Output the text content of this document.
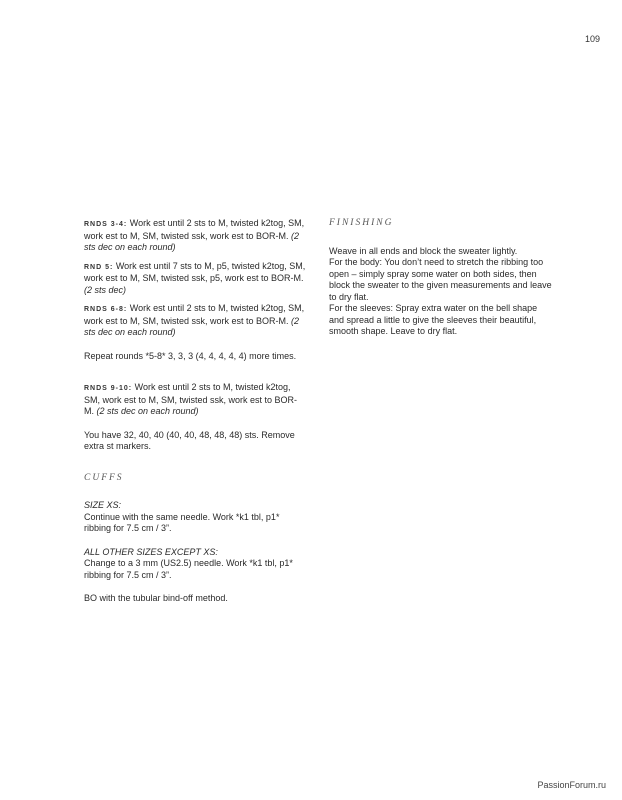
109

RNDS 3-4: Work est until 2 sts to M, twisted k2tog, SM, work est to M, SM, twisted ssk, work est to BOR-M. (2 sts dec on each round)

RND 5: Work est until 7 sts to M, p5, twisted k2tog, SM, work est to M, SM, twisted ssk, p5, work est to BOR-M. (2 sts dec)

RNDS 6-8: Work est until 2 sts to M, twisted k2tog, SM, work est to M, SM, twisted ssk, work est to BOR-M. (2 sts dec on each round)

Repeat rounds *5-8* 3, 3, 3 (4, 4, 4, 4, 4) more times.

RNDS 9-10: Work est until 2 sts to M, twisted k2tog, SM, work est to M, SM, twisted ssk, work est to BOR-M. (2 sts dec on each round)

You have 32, 40, 40 (40, 40, 48, 48, 48) sts. Remove extra st markers.

CUFFS

SIZE XS:
Continue with the same needle. Work *k1 tbl, p1* ribbing for 7.5 cm / 3”.

ALL OTHER SIZES EXCEPT XS:
Change to a 3 mm (US2.5) needle. Work *k1 tbl, p1* ribbing for 7.5 cm / 3”.

BO with the tubular bind-off method.

FINISHING

Weave in all ends and block the sweater lightly.
For the body: You don’t need to stretch the ribbing too open – simply spray some water on both sides, then block the sweater to the given measurements and leave to dry flat.
For the sleeves: Spray extra water on the bell shape and spread a little to give the sleeves their beautiful, smooth shape. Leave to dry flat.

PassionForum.ru
